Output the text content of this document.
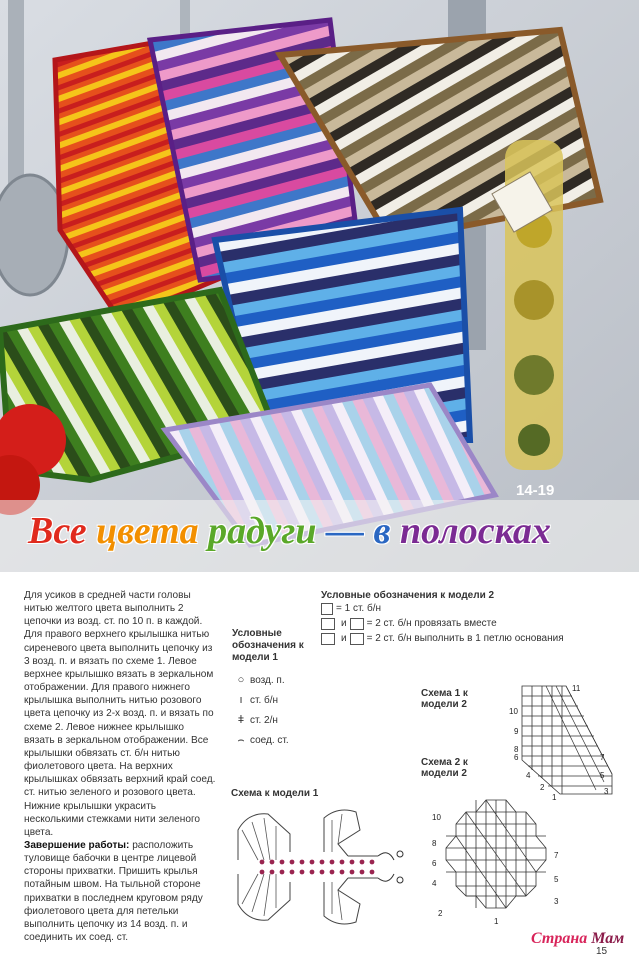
14-19
Все цвета радуги — в полосках
Для усиков в средней части головы нитью желтого цвета выполнить 2 цепочки из возд. ст. по 10 п. в каждой. Для правого верхнего крылышка нитью сиреневого цвета выполнить цепочку из 3 возд. п. и вязать по схеме 1. Левое верхнее крылышко вязать в зеркальном отображении. Для правого нижнего крылышка выполнить нитью розового цвета цепочку из 2-х возд. п. и вязать по схеме 2. Левое нижнее крылышко вязать в зеркальном отображении. Все крылышки обвязать ст. б/н нитью фиолетового цвета. На верхних крылышках обвязать верхний край соед. ст. нитью зеленого и розового цвета. Нижние крылышки украсить несколькими стежками нити зеленого цвета.
Завершение работы: расположить туловище бабочки в центре лицевой стороны прихватки. Пришить крылья потайным швом. На тыльной стороне прихватки в последнем круговом ряду фиолетового цвета для петельки выполнить цепочку из 14 возд. п. и соединить их соед. ст.
Условные обозначения к модели 1
○ возд. п.
ı ст. б/н
ǂ ст. 2/н
⌢ соед. ст.
Условные обозначения к модели 2
= 1 ст. б/н
и = 2 ст. б/н провязать вместе
и = 2 ст. б/н выполнить в 1 петлю основания
Схема 1 к модели 2
Схема 2 к модели 2
Схема к модели 1
11
10
9
8
7
6
5
4
3
2
1
10
8
7
6
5
4
3
2
1
Страна Мам
15
